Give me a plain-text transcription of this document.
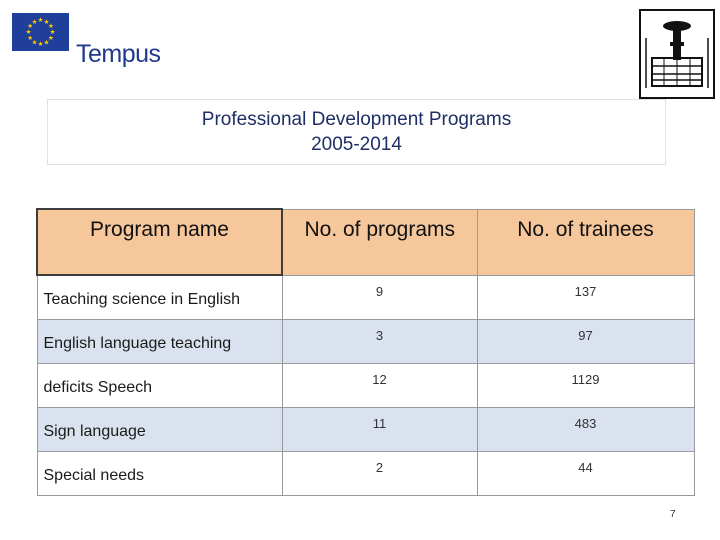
★ ★
★
★
★
★
★
★
★
★
★
★
Tempus
Professional Development Programs
2005-2014
Program name	No. of programs	No. of trainees
Teaching science in English	9	137
English language teaching	3	97
deficits Speech	12	1129
Sign language	11	483
Special needs	2	44
7
